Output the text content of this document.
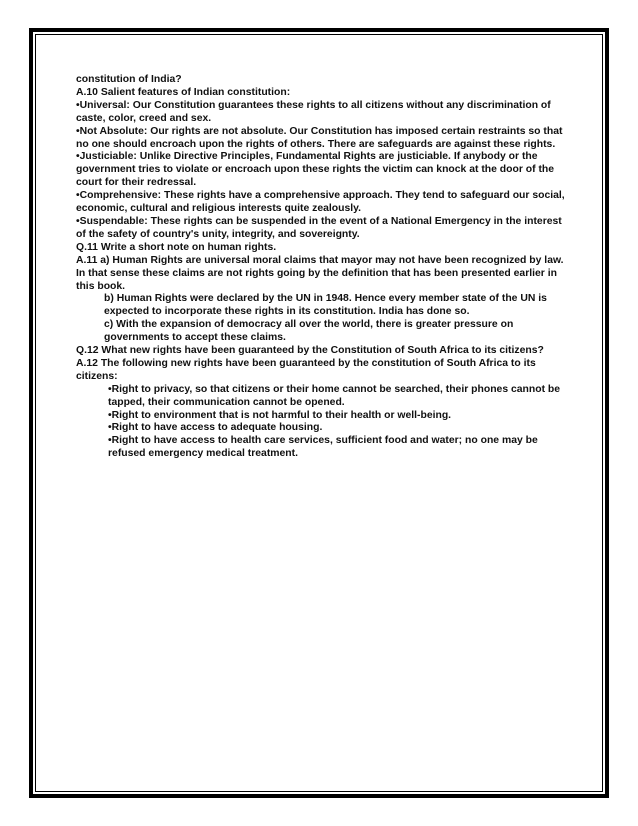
constitution of India?

A.10 Salient features of Indian constitution:

•Universal: Our Constitution guarantees these rights to all citizens without any discrimination of caste, color, creed and sex.

•Not Absolute: Our rights are not absolute. Our Constitution has imposed certain restraints so that no one should encroach upon the rights of others. There are safeguards are against these rights.

•Justiciable: Unlike Directive Principles, Fundamental Rights are justiciable. If anybody or the government tries to violate or encroach upon these rights the victim can knock at the door of the court for their redressal.

•Comprehensive: These rights have a comprehensive approach. They tend to safeguard our social, economic, cultural and religious interests quite zealously.

•Suspendable: These rights can be suspended in the event of a National Emergency in the interest of the safety of country's unity, integrity, and sovereignty.

Q.11 Write a short note on human rights.

A.11 a) Human Rights are universal moral claims that mayor may not have been recognized by law. In that sense these claims are not rights going by the definition that has been presented earlier in this book.

b) Human Rights were declared by the UN in 1948. Hence every member state of the UN is expected to incorporate these rights in its constitution. India has done so.

c) With the expansion of democracy all over the world, there is greater pressure on governments to accept these claims.

Q.12 What new rights have been guaranteed by the Constitution of South Africa to its citizens?

A.12 The following new rights have been guaranteed by the constitution of South Africa to its citizens:

•Right to privacy, so that citizens or their home cannot be searched, their phones cannot be

tapped, their communication cannot be opened.

•Right to environment that is not harmful to their health or well-being.

•Right to have access to adequate housing.

•Right to have access to health care services, sufficient food and water; no one may be refused emergency medical treatment.
